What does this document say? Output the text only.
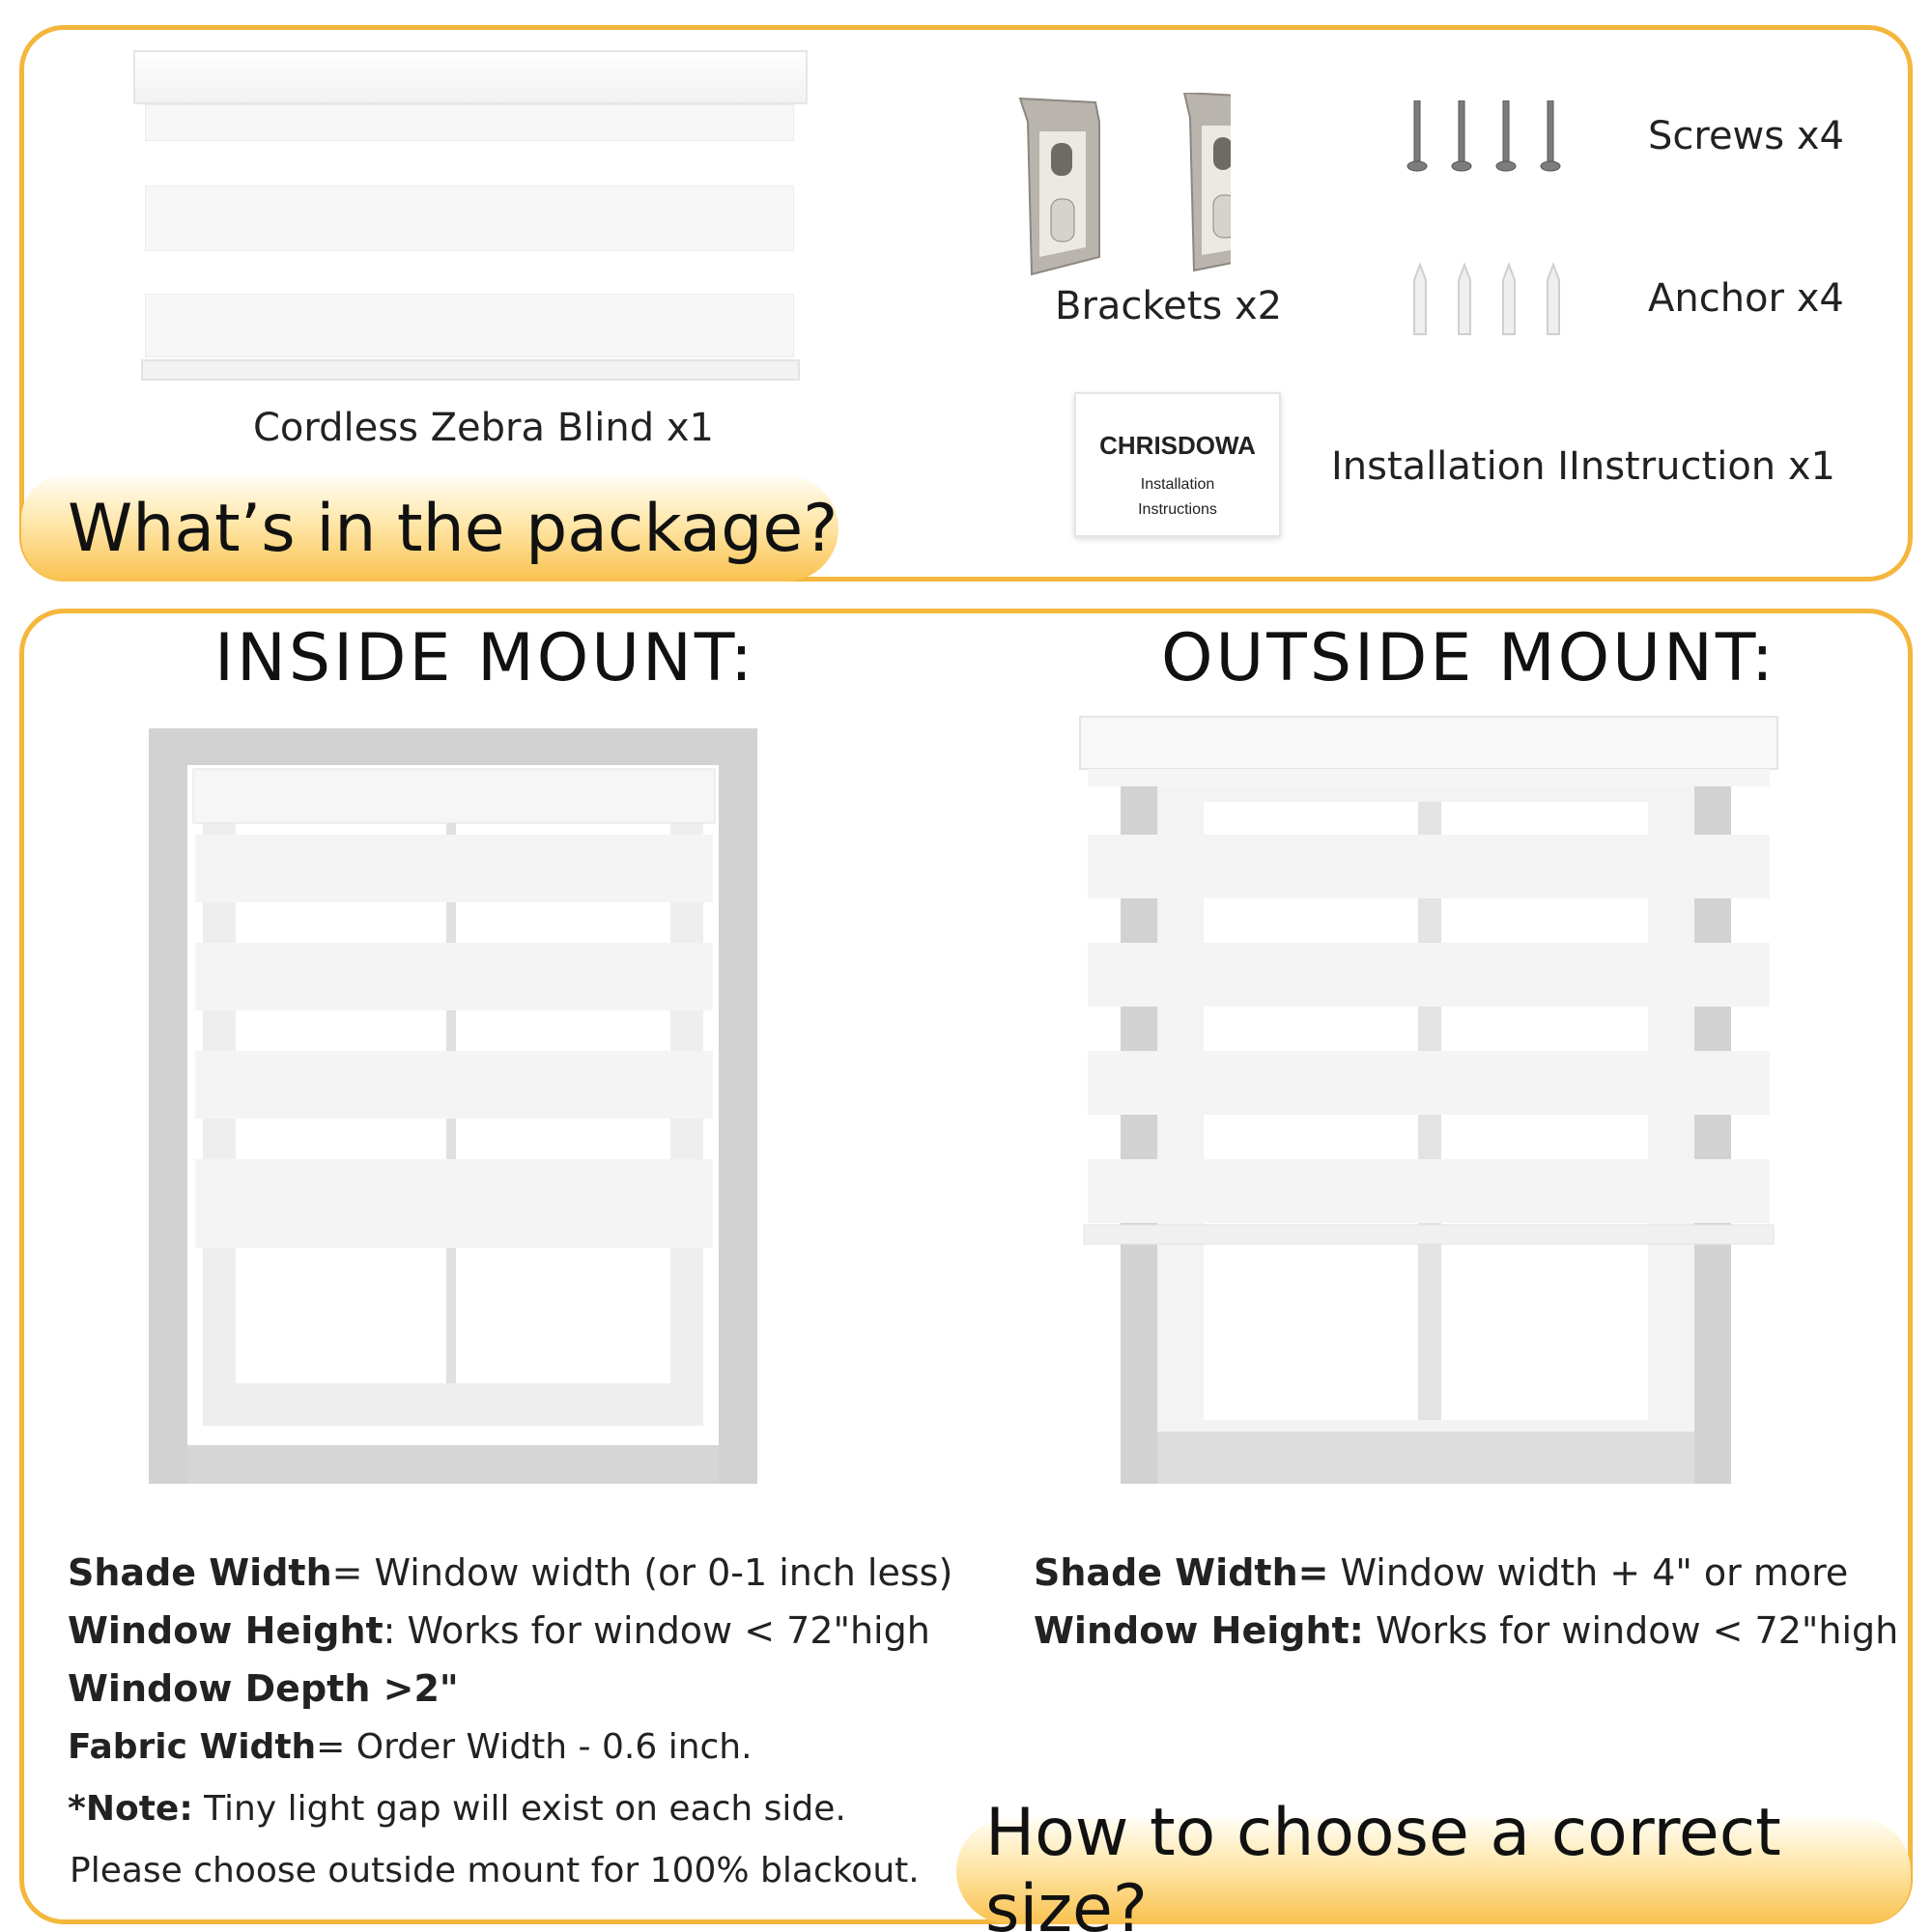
Cordless Zebra Blind x1
Brackets x2
Screws x4
Anchor x4
CHRISDOWA
Installation
Instructions
Installation IInstruction x1
What’s in the package?
INSIDE MOUNT:	OUTSIDE MOUNT:
Shade Width= Window width (or 0-1 inch less)
Window Height: Works for window < 72"high
Window Depth >2"
Fabric Width= Order Width - 0.6 inch.
*Note: Tiny light gap will exist on each side.
Please choose outside mount for 100% blackout.
Shade Width= Window width + 4" or more
Window Height: Works for window < 72"high
How to choose a correct size?
